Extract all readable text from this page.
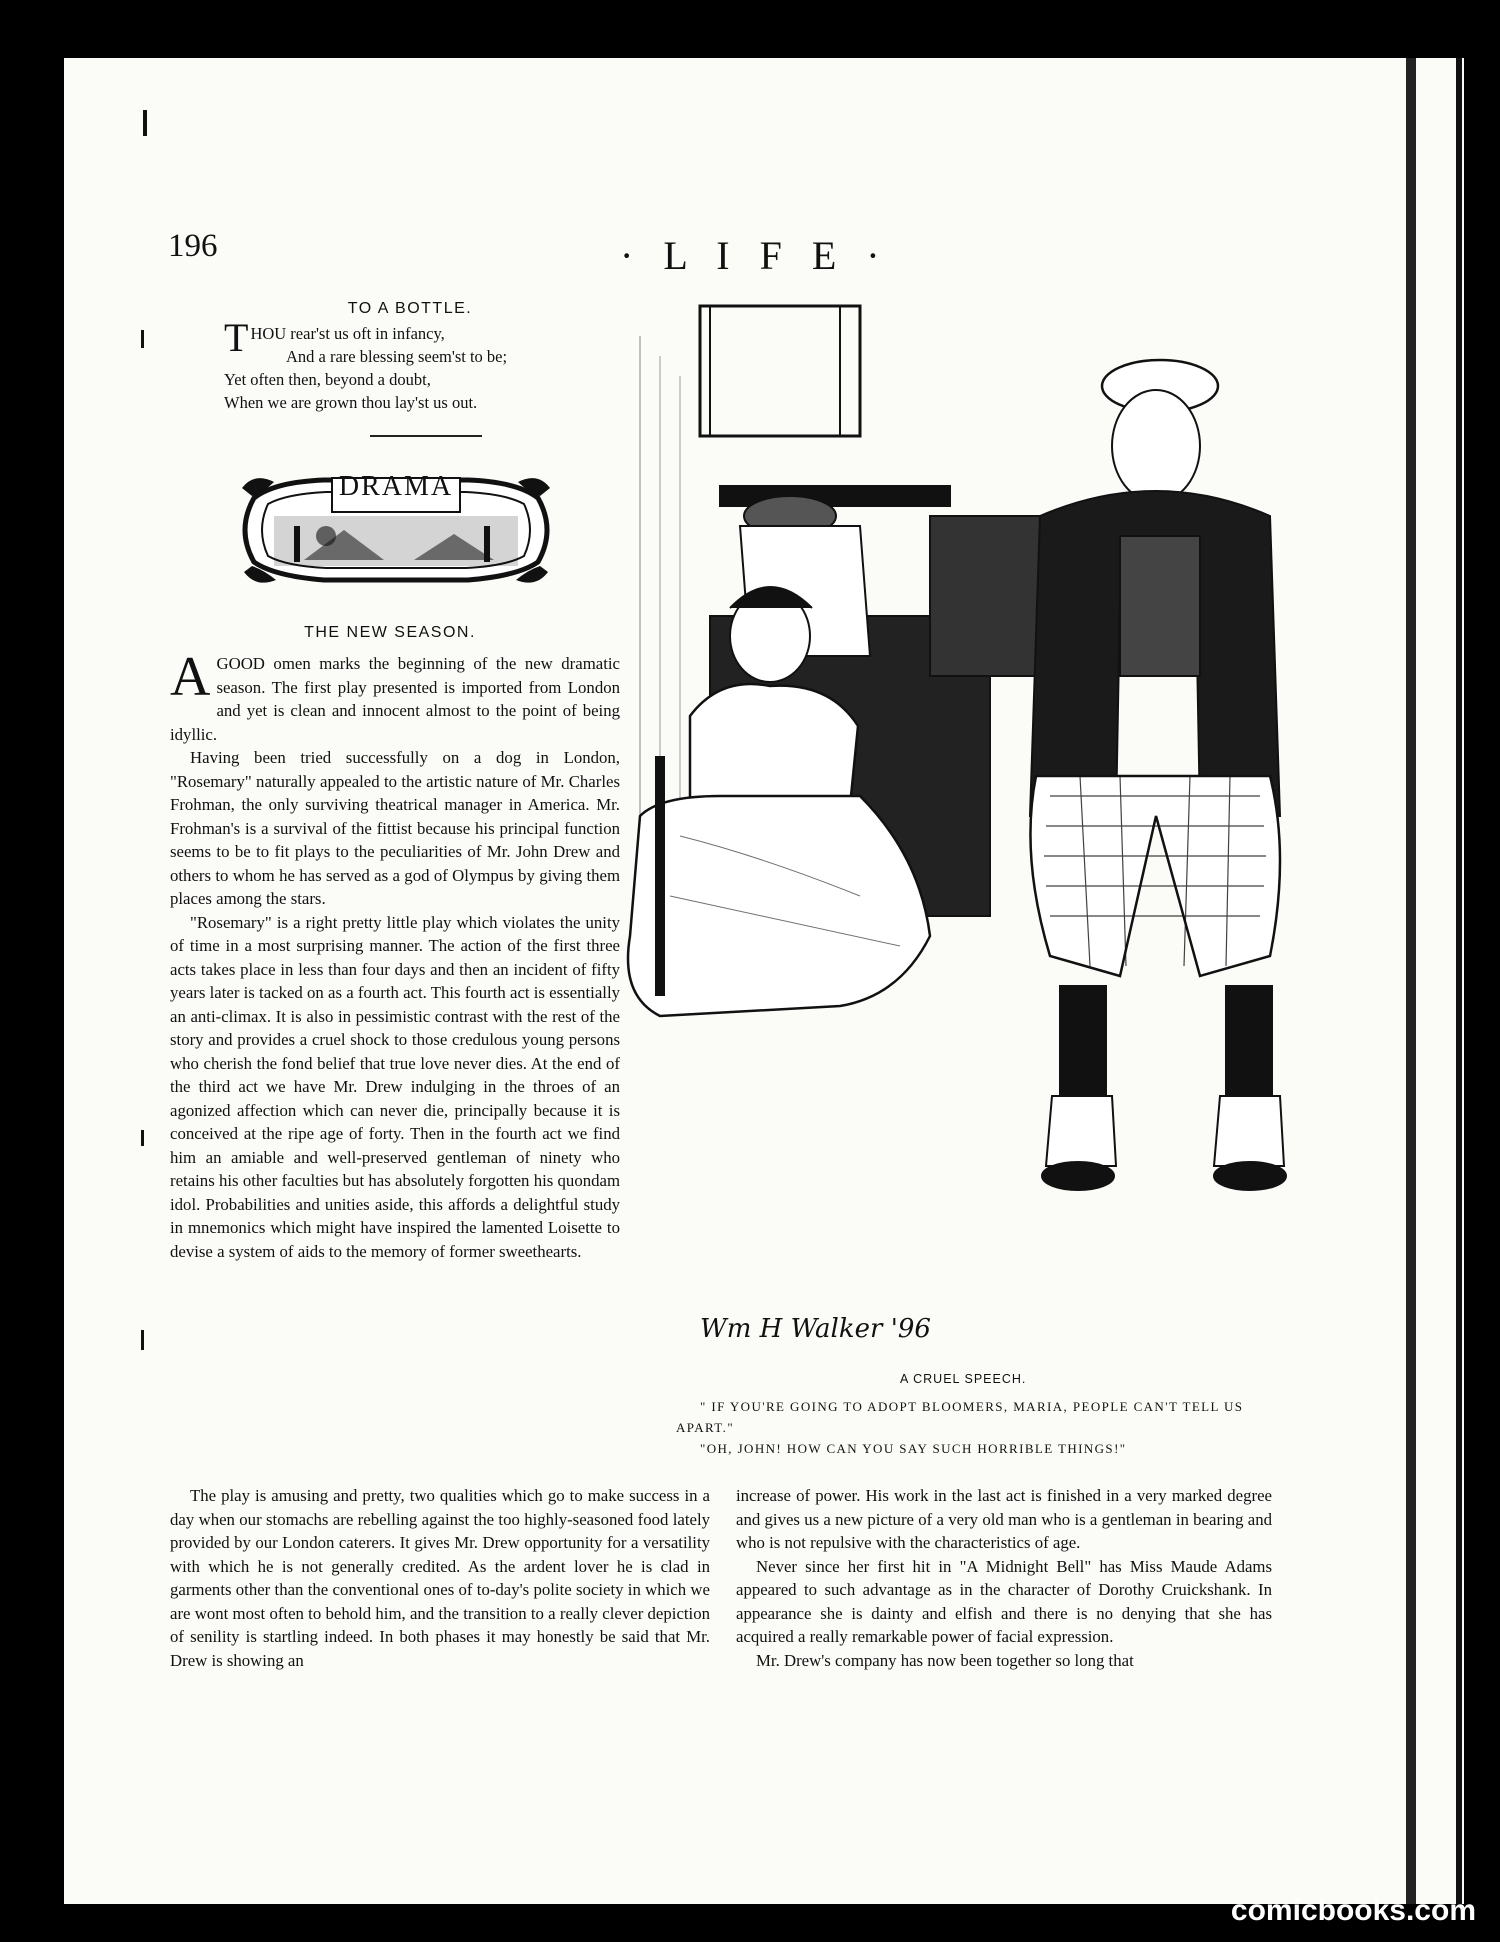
196	· L I F E ·
TO A BOTTLE.
T HOU rear'st us oft in infancy,

And a rare blessing seem'st to be;

Yet often then, beyond a doubt,

When we are grown thou lay'st us out.

DRAMA
THE NEW SEASON.

AGOOD omen marks the beginning of the new dramatic season. The first play presented is imported from London and yet is clean and innocent almost to the point of being idyllic.

Having been tried successfully on a dog in London, "Rosemary" naturally appealed to the artistic nature of Mr. Charles Frohman, the only surviving theatrical manager in America. Mr. Frohman's is a survival of the fittist because his principal function seems to be to fit plays to the peculiarities of Mr. John Drew and others to whom he has served as a god of Olympus by giving them places among the stars.

"Rosemary" is a right pretty little play which violates the unity of time in a most surprising manner. The action of the first three acts takes place in less than four days and then an incident of fifty years later is tacked on as a fourth act. This fourth act is essentially an anti-climax. It is also in pessimistic contrast with the rest of the story and provides a cruel shock to those credulous young persons who cherish the fond belief that true love never dies. At the end of the third act we have Mr. Drew indulging in the throes of an agonized affection which can never die, principally because it is conceived at the ripe age of forty. Then in the fourth act we find him an amiable and well-preserved gentleman of ninety who retains his other faculties but has absolutely forgotten his quondam idol. Probabilities and unities aside, this affords a delightful study in mnemonics which might have inspired the lamented Loisette to devise a system of aids to the memory of former sweethearts.

Wm H Walker '96
A CRUEL SPEECH.
" IF YOU'RE GOING TO ADOPT BLOOMERS, MARIA, PEOPLE CAN'T TELL US APART."
"OH, JOHN! HOW CAN YOU SAY SUCH HORRIBLE THINGS!"

The play is amusing and pretty, two qualities which go to make success in a day when our stomachs are rebelling against the too highly-seasoned food lately provided by our London caterers. It gives Mr. Drew opportunity for a versatility with which he is not generally credited. As the ardent lover he is clad in garments other than the conventional ones of to-day's polite society in which we are wont most often to behold him, and the transition to a really clever depiction of senility is startling indeed. In both phases it may honestly be said that Mr. Drew is showing an

increase of power. His work in the last act is finished in a very marked degree and gives us a new picture of a very old man who is a gentleman in bearing and who is not repulsive with the characteristics of age.

Never since her first hit in "A Midnight Bell" has Miss Maude Adams appeared to such advantage as in the character of Dorothy Cruickshank. In appearance she is dainty and elfish and there is no denying that she has acquired a really remarkable power of facial expression.

Mr. Drew's company has now been together so long that

comicbooks.com
